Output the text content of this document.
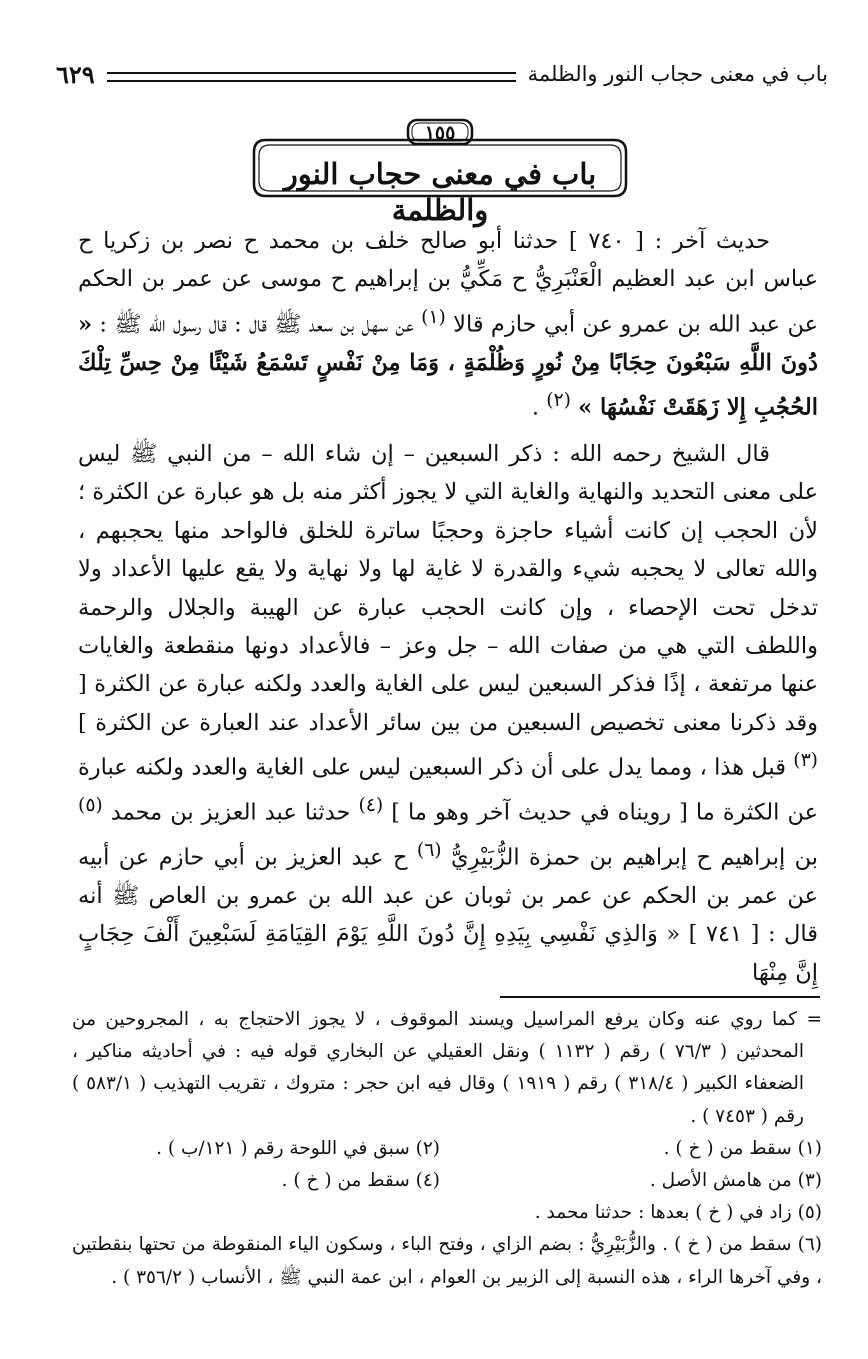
باب في معنى حجاب النور والظلمة
٦٢٩
١٥٥
باب في معنى حجاب النور والظلمة

حديث آخر : [ ٧٤٠ ] حدثنا أبو صالح خلف بن محمد ح نصر بن زكريا ح عباس ابن عبد العظيم الْعَنْبَرِيُّ ح مَكِّيُّ بن إبراهيم ح موسى عن عمر بن الحكم عن عبد الله بن عمرو عن أبي حازم قالا $^{(١)}$ عن سهل بن سعد ﷺ قال : قال رسول الله ﷺ : « دُونَ اللَّهِ سَبْعُونَ حِجَابًا مِنْ نُورٍ وَظُلْمَةٍ ، وَمَا مِنْ نَفْسٍ تَسْمَعُ شَيْئًا مِنْ حِسِّ تِلْكَ الحُجُبِ إِلا زَهَقَتْ نَفْسُهَا » $^{(٢)}$ .

قال الشيخ رحمه الله : ذكر السبعين – إن شاء الله – من النبي ﷺ ليس على معنى التحديد والنهاية والغاية التي لا يجوز أكثر منه بل هو عبارة عن الكثرة ؛ لأن الحجب إن كانت أشياء حاجزة وحجبًا ساترة للخلق فالواحد منها يحجبهم ، والله تعالى لا يحجبه شيء والقدرة لا غاية لها ولا نهاية ولا يقع عليها الأعداد ولا تدخل تحت الإحصاء ، وإن كانت الحجب عبارة عن الهيبة والجلال والرحمة واللطف التي هي من صفات الله – جل وعز – فالأعداد دونها منقطعة والغايات عنها مرتفعة ، إذًا فذكر السبعين ليس على الغاية والعدد ولكنه عبارة عن الكثرة [ وقد ذكرنا معنى تخصيص السبعين من بين سائر الأعداد عند العبارة عن الكثرة ] $^{(٣)}$ قبل هذا ، ومما يدل على أن ذكر السبعين ليس على الغاية والعدد ولكنه عبارة عن الكثرة ما [ رويناه في حديث آخر وهو ما ] $^{(٤)}$ حدثنا عبد العزيز بن محمد $^{(٥)}$ بن إبراهيم ح إبراهيم بن حمزة الزُّبَيْرِيُّ $^{(٦)}$ ح عبد العزيز بن أبي حازم عن أبيه عن عمر بن الحكم عن عمر بن ثوبان عن عبد الله بن عمرو بن العاص ﷺ أنه قال : [ ٧٤١ ] « وَالذِي نَفْسِي بِيَدِهِ إِنَّ دُونَ اللَّهِ يَوْمَ القِيَامَةِ لَسَبْعِينَ أَلْفَ حِجَابٍ إِنَّ مِنْهَا

= كما روي عنه وكان يرفع المراسيل ويسند الموقوف ، لا يجوز الاحتجاج به ، المجروحين من المحدثين ( ٧٦/٣ ) رقم ( ١١٣٢ ) ونقل العقيلي عن البخاري قوله فيه : في أحاديثه مناكير ، الضعفاء الكبير ( ٣١٨/٤ ) رقم ( ١٩١٩ ) وقال فيه ابن حجر : متروك ، تقريب التهذيب ( ٥٨٣/١ ) رقم ( ٧٤٥٣ ) .

(١) سقط من ( خ ) .
(٢) سبق في اللوحة رقم ( ١٢١/ب ) .
(٣) من هامش الأصل .
(٤) سقط من ( خ ) .

(٥) زاد في ( خ ) بعدها : حدثنا محمد .

(٦) سقط من ( خ ) . والزُّبَيْرِيُّ : بضم الزاي ، وفتح الباء ، وسكون الياء المنقوطة من تحتها بنقطتين ، وفي آخرها الراء ، هذه النسبة إلى الزبير بن العوام ، ابن عمة النبي ﷺ ، الأنساب ( ٣٥٦/٢ ) .
